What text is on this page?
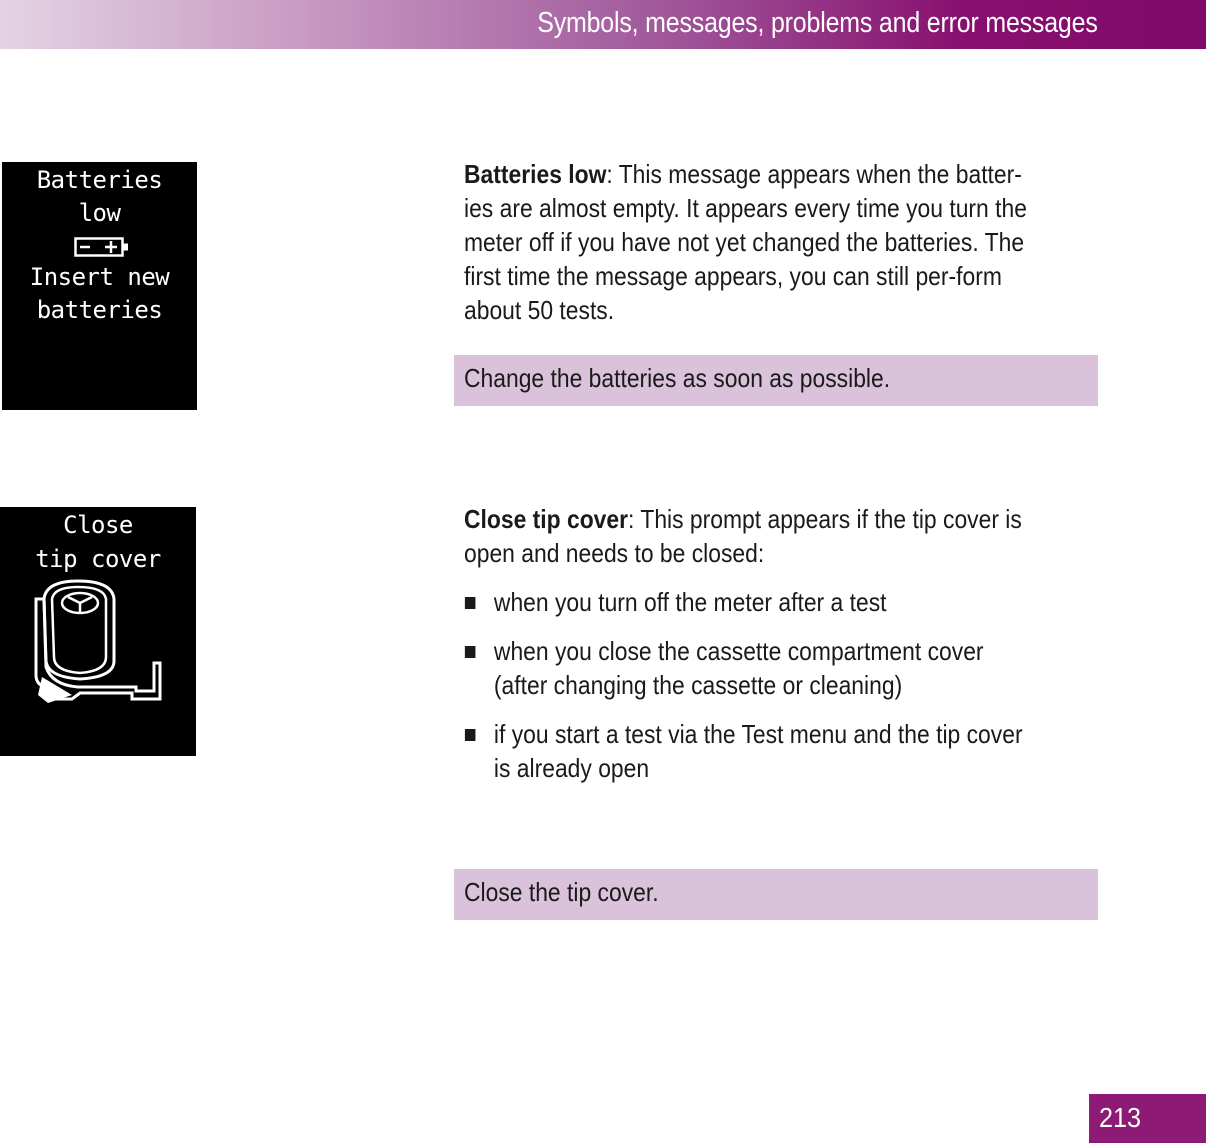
Symbols, messages, problems and error messages
Batteries
low
Insert new
batteries

Batteries low: This message appears when the batter-ies are almost empty. It appears every time you turn the meter off if you have not yet changed the batteries. The first time the message appears, you can still per-form about 50 tests.

Change the batteries as soon as possible.
Close
tip cover

Close tip cover: This prompt appears if the tip cover is open and needs to be closed:

when you turn off the meter after a test
when you close the cassette compartment cover (after changing the cassette or cleaning)
if you start a test via the Test menu and the tip cover is already open
Close the tip cover.
213
